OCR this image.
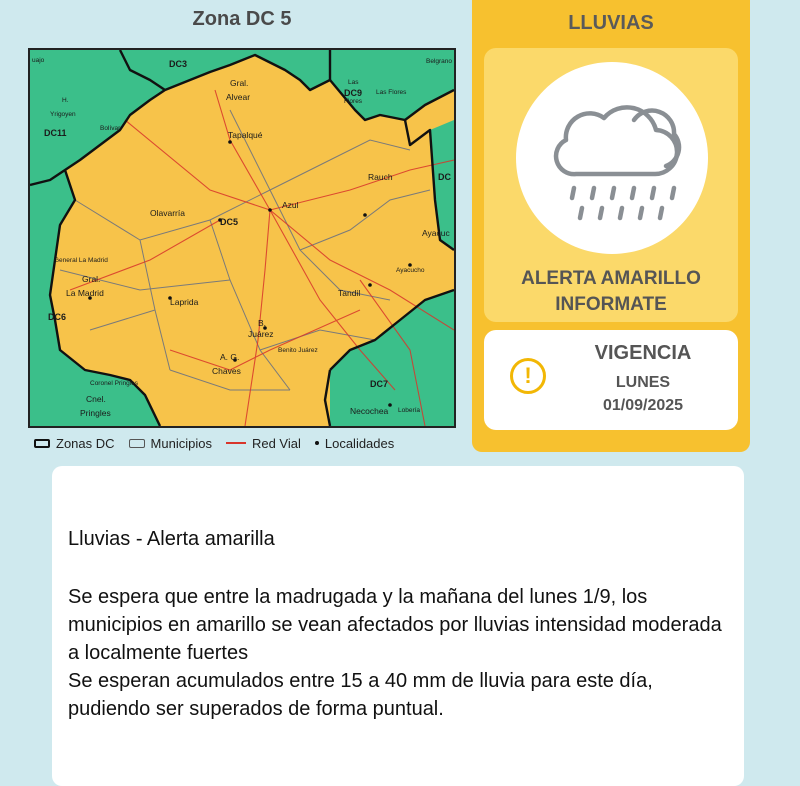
Zona DC 5
DC3
DC9
DC11
DC5
DC6
DC7
DC
uajo
H.
Yrigoyen
Bolívar
Gral.
Alvear
Las
Flores
Las Flores
Belgrano
Tapalqué
Rauch
Azul
Olavarría
General La Madrid
Gral.
La Madrid
Laprida
Juárez
B.
Benito Juárez
A. G.
Chaves
Tandil
Ayacucho
Necochea Lobería
Coronel Pringles
Cnel.
Pringles
Ayacuc
Zonas DC	Municipios	Red Vial Localidades
LLUVIAS
ALERTA AMARILLO
INFORMATE
!
VIGENCIA
LUNES
01/09/2025
Lluvias - Alerta amarilla

Se espera que entre la madrugada y la mañana del lunes 1/9, los municipios en amarillo se vean afectados por lluvias intensidad moderada a localmente fuertes

Se esperan acumulados entre 15 a 40 mm de lluvia para este día, pudiendo ser superados de forma puntual.
